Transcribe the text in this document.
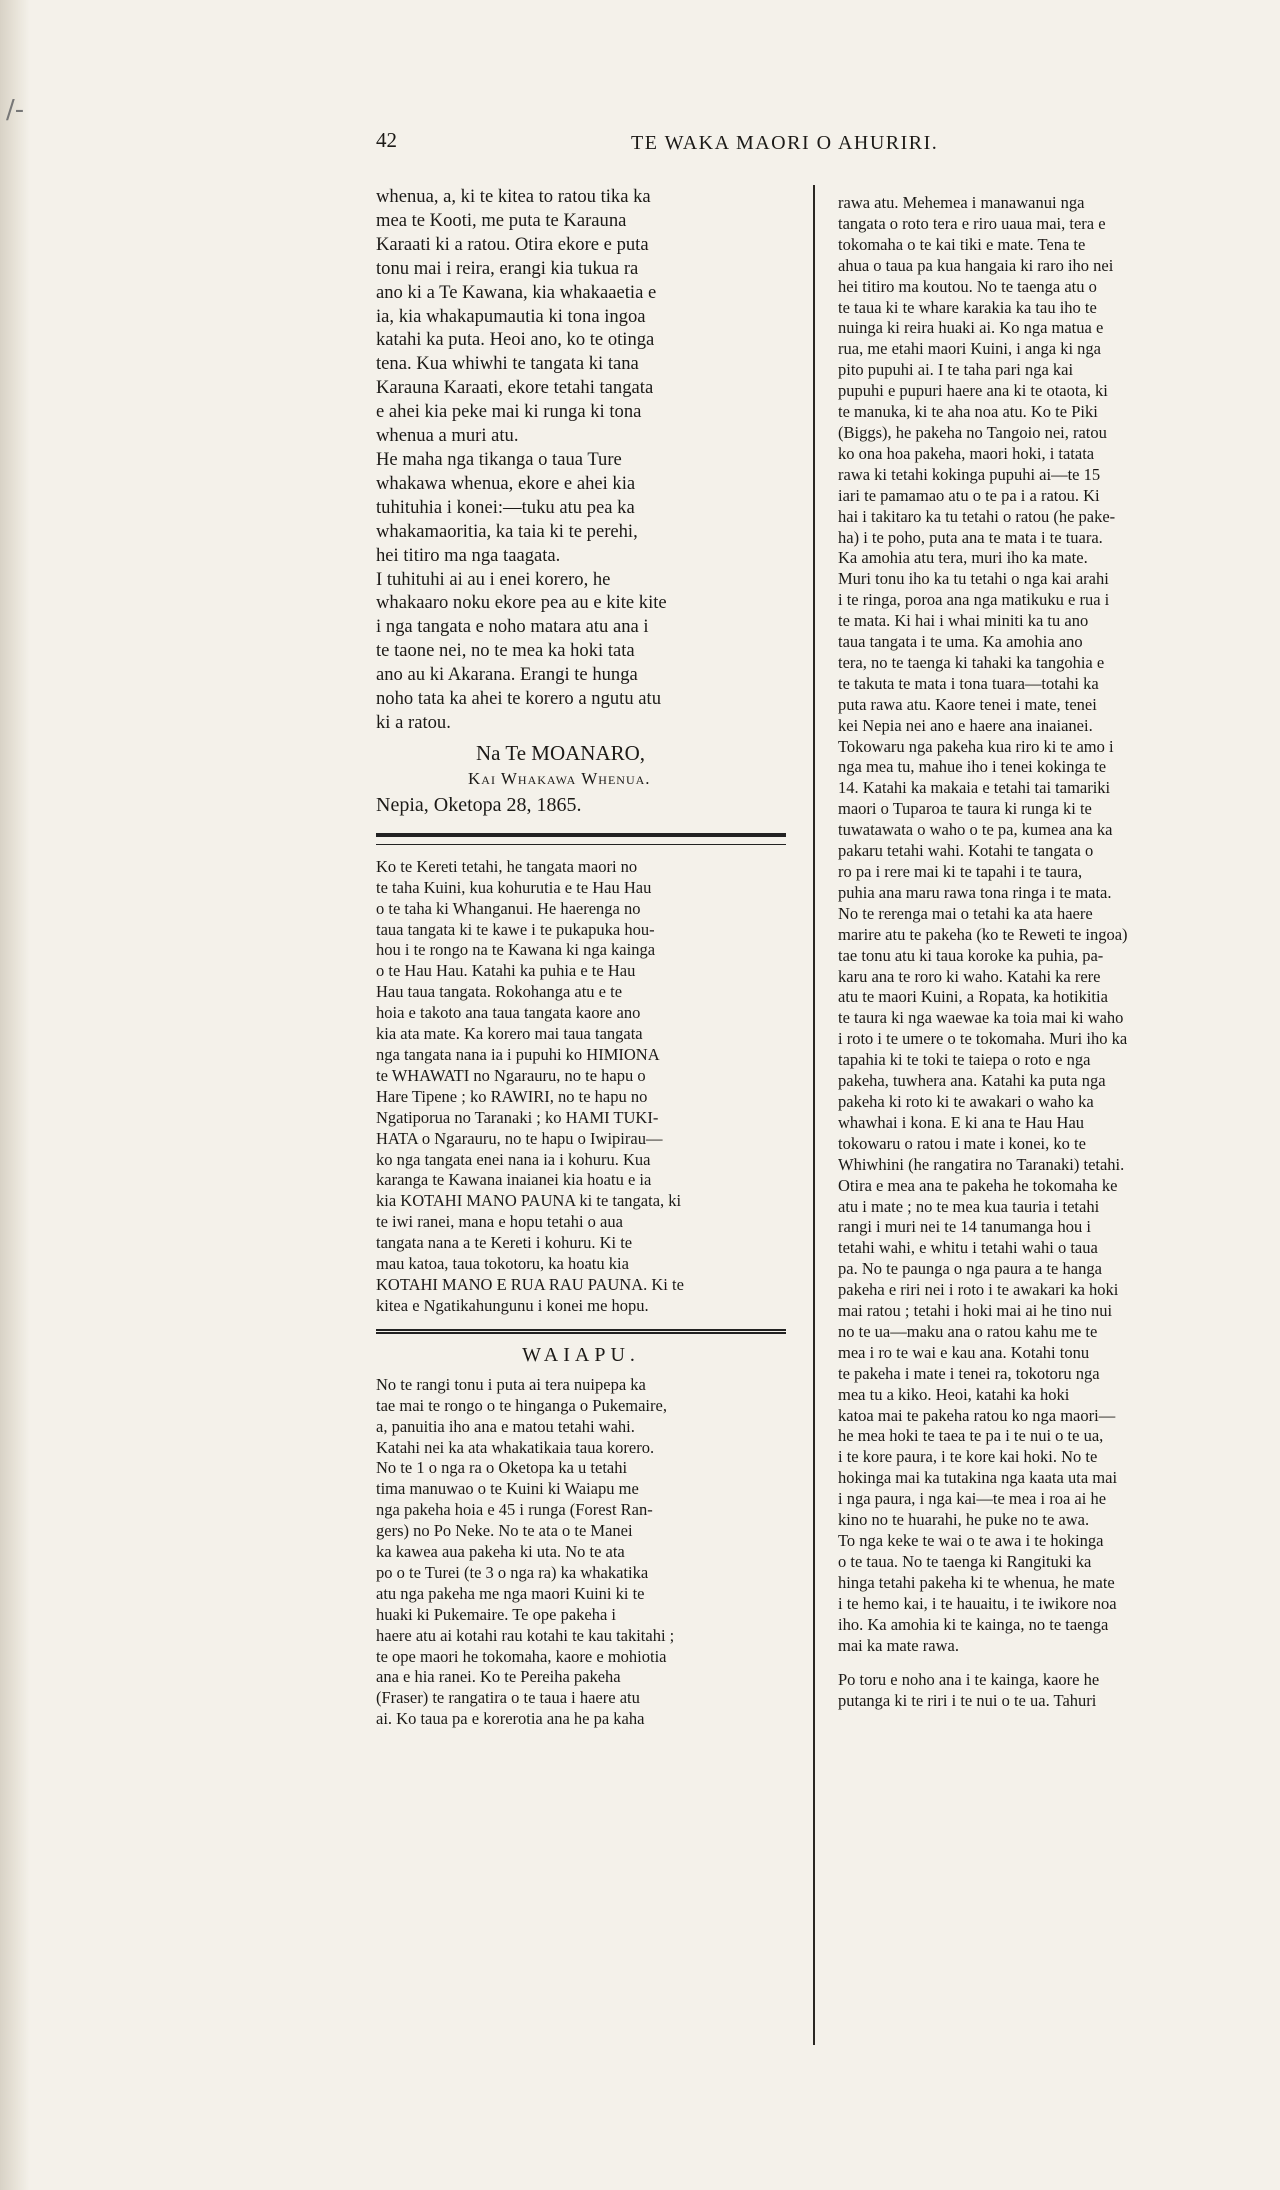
/-
42	TE WAKA MAORI O AHURIRI.

whenua, a, ki te kitea to ratou tika ka
mea te Kooti, me puta te Karauna
Karaati ki a ratou. Otira ekore e puta
tonu mai i reira, erangi kia tukua ra
ano ki a Te Kawana, kia whakaaetia e
ia, kia whakapumautia ki tona ingoa
katahi ka puta. Heoi ano, ko te otinga
tena. Kua whiwhi te tangata ki tana
Karauna Karaati, ekore tetahi tangata
e ahei kia peke mai ki runga ki tona
whenua a muri atu.

He maha nga tikanga o taua Ture
whakawa whenua, ekore e ahei kia
tuhituhia i konei:—tuku atu pea ka
whakamaoritia, ka taia ki te perehi,
hei titiro ma nga taagata.

I tuhituhi ai au i enei korero, he
whakaaro noku ekore pea au e kite kite
i nga tangata e noho matara atu ana i
te taone nei, no te mea ka hoki tata
ano au ki Akarana. Erangi te hunga
noho tata ka ahei te korero a ngutu atu
ki a ratou.

Na Te MOANARO,

Kai Whakawa Whenua.

Nepia, Oketopa 28, 1865.

Ko te Kereti tetahi, he tangata maori no
te taha Kuini, kua kohurutia e te Hau Hau
o te taha ki Whanganui. He haerenga no
taua tangata ki te kawe i te pukapuka hou-
hou i te rongo na te Kawana ki nga kainga
o te Hau Hau. Katahi ka puhia e te Hau
Hau taua tangata. Rokohanga atu e te
hoia e takoto ana taua tangata kaore ano
kia ata mate. Ka korero mai taua tangata
nga tangata nana ia i pupuhi ko HIMIONA
te WHAWATI no Ngarauru, no te hapu o
Hare Tipene ; ko RAWIRI, no te hapu no
Ngatiporua no Taranaki ; ko HAMI TUKI-
HATA o Ngarauru, no te hapu o Iwipirau—
ko nga tangata enei nana ia i kohuru. Kua
karanga te Kawana inaianei kia hoatu e ia
kia KOTAHI MANO PAUNA ki te tangata, ki
te iwi ranei, mana e hopu tetahi o aua
tangata nana a te Kereti i kohuru. Ki te
mau katoa, taua tokotoru, ka hoatu kia
KOTAHI MANO E RUA RAU PAUNA. Ki te
kitea e Ngatikahungunu i konei me hopu.

WAIAPU.

No te rangi tonu i puta ai tera nuipepa ka
tae mai te rongo o te hinganga o Pukemaire,
a, panuitia iho ana e matou tetahi wahi.
Katahi nei ka ata whakatikaia taua korero.

No te 1 o nga ra o Oketopa ka u tetahi
tima manuwao o te Kuini ki Waiapu me
nga pakeha hoia e 45 i runga (Forest Ran-
gers) no Po Neke. No te ata o te Manei
ka kawea aua pakeha ki uta. No te ata
po o te Turei (te 3 o nga ra) ka whakatika
atu nga pakeha me nga maori Kuini ki te
huaki ki Pukemaire. Te ope pakeha i
haere atu ai kotahi rau kotahi te kau takitahi ;
te ope maori he tokomaha, kaore e mohiotia
ana e hia ranei. Ko te Pereiha pakeha
(Fraser) te rangatira o te taua i haere atu
ai. Ko taua pa e korerotia ana he pa kaha

rawa atu. Mehemea i manawanui nga
tangata o roto tera e riro uaua mai, tera e
tokomaha o te kai tiki e mate. Tena te
ahua o taua pa kua hangaia ki raro iho nei
hei titiro ma koutou. No te taenga atu o
te taua ki te whare karakia ka tau iho te
nuinga ki reira huaki ai. Ko nga matua e
rua, me etahi maori Kuini, i anga ki nga
pito pupuhi ai. I te taha pari nga kai
pupuhi e pupuri haere ana ki te otaota, ki
te manuka, ki te aha noa atu. Ko te Piki
(Biggs), he pakeha no Tangoio nei, ratou
ko ona hoa pakeha, maori hoki, i tatata
rawa ki tetahi kokinga pupuhi ai—te 15
iari te pamamao atu o te pa i a ratou. Ki
hai i takitaro ka tu tetahi o ratou (he pake-
ha) i te poho, puta ana te mata i te tuara.
Ka amohia atu tera, muri iho ka mate.
Muri tonu iho ka tu tetahi o nga kai arahi
i te ringa, poroa ana nga matikuku e rua i
te mata. Ki hai i whai miniti ka tu ano
taua tangata i te uma. Ka amohia ano
tera, no te taenga ki tahaki ka tangohia e
te takuta te mata i tona tuara—totahi ka
puta rawa atu. Kaore tenei i mate, tenei
kei Nepia nei ano e haere ana inaianei.
Tokowaru nga pakeha kua riro ki te amo i
nga mea tu, mahue iho i tenei kokinga te
14. Katahi ka makaia e tetahi tai tamariki
maori o Tuparoa te taura ki runga ki te
tuwatawata o waho o te pa, kumea ana ka
pakaru tetahi wahi. Kotahi te tangata o
ro pa i rere mai ki te tapahi i te taura,
puhia ana maru rawa tona ringa i te mata.
No te rerenga mai o tetahi ka ata haere
marire atu te pakeha (ko te Reweti te ingoa)
tae tonu atu ki taua koroke ka puhia, pa-
karu ana te roro ki waho. Katahi ka rere
atu te maori Kuini, a Ropata, ka hotikitia
te taura ki nga waewae ka toia mai ki waho
i roto i te umere o te tokomaha. Muri iho ka
tapahia ki te toki te taiepa o roto e nga
pakeha, tuwhera ana. Katahi ka puta nga
pakeha ki roto ki te awakari o waho ka
whawhai i kona. E ki ana te Hau Hau
tokowaru o ratou i mate i konei, ko te
Whiwhini (he rangatira no Taranaki) tetahi.
Otira e mea ana te pakeha he tokomaha ke
atu i mate ; no te mea kua tauria i tetahi
rangi i muri nei te 14 tanumanga hou i
tetahi wahi, e whitu i tetahi wahi o taua
pa. No te paunga o nga paura a te hanga
pakeha e riri nei i roto i te awakari ka hoki
mai ratou ; tetahi i hoki mai ai he tino nui
no te ua—maku ana o ratou kahu me te
mea i ro te wai e kau ana. Kotahi tonu
te pakeha i mate i tenei ra, tokotoru nga
mea tu a kiko. Heoi, katahi ka hoki
katoa mai te pakeha ratou ko nga maori—
he mea hoki te taea te pa i te nui o te ua,
i te kore paura, i te kore kai hoki. No te
hokinga mai ka tutakina nga kaata uta mai
i nga paura, i nga kai—te mea i roa ai he
kino no te huarahi, he puke no te awa.
To nga keke te wai o te awa i te hokinga
o te taua. No te taenga ki Rangituki ka
hinga tetahi pakeha ki te whenua, he mate
i te hemo kai, i te hauaitu, i te iwikore noa
iho. Ka amohia ki te kainga, no te taenga
mai ka mate rawa.

Po toru e noho ana i te kainga, kaore he
putanga ki te riri i te nui o te ua. Tahuri
